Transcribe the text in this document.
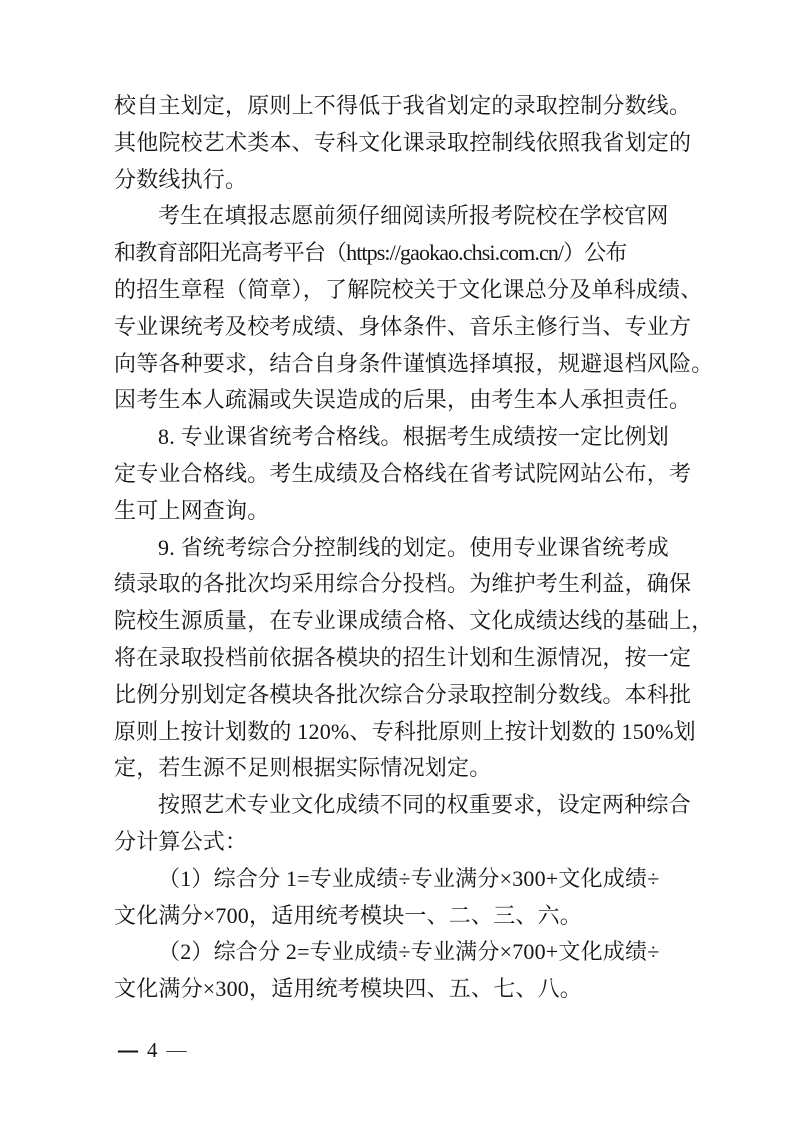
校自主划定，原则上不得低于我省划定的录取控制分数线。
其他院校艺术类本、专科文化课录取控制线依照我省划定的
分数线执行。
考生在填报志愿前须仔细阅读所报考院校在学校官网
和教育部阳光高考平台（https://gaokao.chsi.com.cn/）公布
的招生章程（简章），了解院校关于文化课总分及单科成绩、
专业课统考及校考成绩、身体条件、音乐主修行当、专业方
向等各种要求，结合自身条件谨慎选择填报，规避退档风险。
因考生本人疏漏或失误造成的后果，由考生本人承担责任。
8. 专业课省统考合格线。根据考生成绩按一定比例划
定专业合格线。考生成绩及合格线在省考试院网站公布，考
生可上网查询。
9. 省统考综合分控制线的划定。使用专业课省统考成
绩录取的各批次均采用综合分投档。为维护考生利益，确保
院校生源质量，在专业课成绩合格、文化成绩达线的基础上，
将在录取投档前依据各模块的招生计划和生源情况，按一定
比例分别划定各模块各批次综合分录取控制分数线。本科批
原则上按计划数的 120%、专科批原则上按计划数的 150%划
定，若生源不足则根据实际情况划定。
按照艺术专业文化成绩不同的权重要求，设定两种综合
分计算公式：
（1）综合分 1=专业成绩÷专业满分×300+文化成绩÷
文化满分×700，适用统考模块一、二、三、六。
（2）综合分 2=专业成绩÷专业满分×700+文化成绩÷
文化满分×300，适用统考模块四、五、七、八。
— 4 —
